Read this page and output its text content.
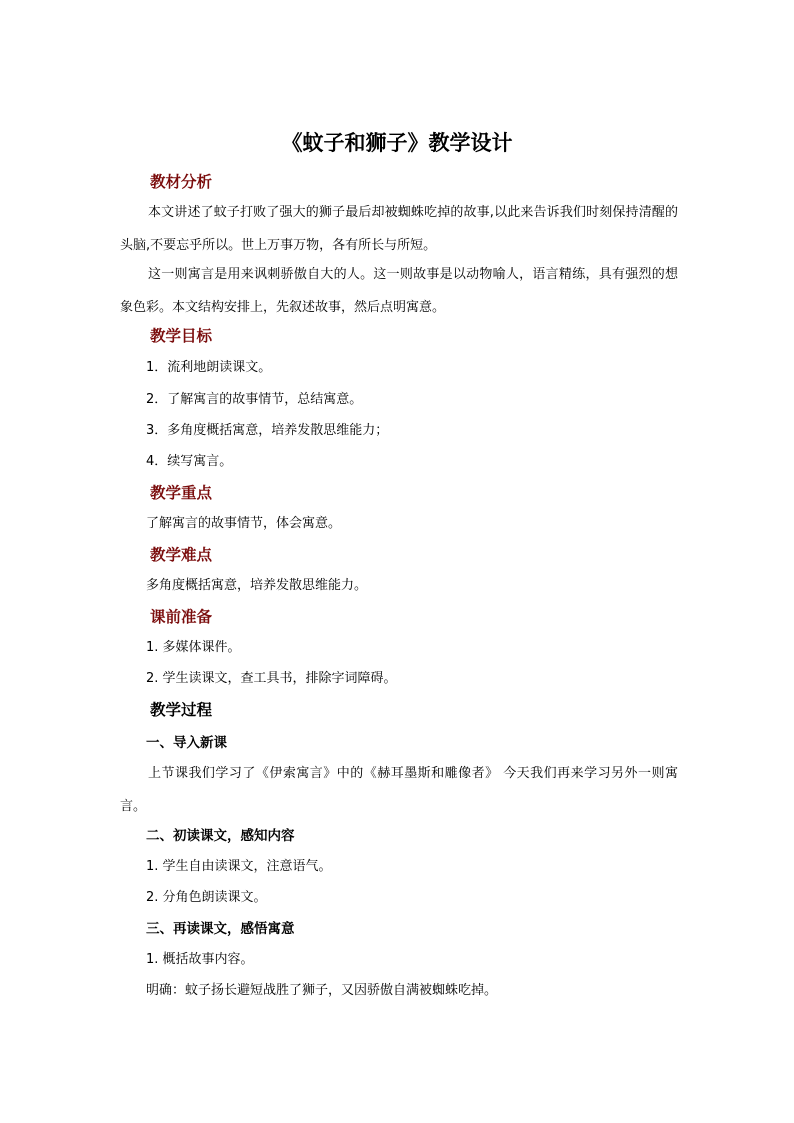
《蚊子和狮子》教学设计
教材分析

本文讲述了蚊子打败了强大的狮子最后却被蜘蛛吃掉的故事,以此来告诉我们时刻保持清醒的头脑,不要忘乎所以。世上万事万物，各有所长与所短。

这一则寓言是用来讽刺骄傲自大的人。这一则故事是以动物喻人，语言精练，具有强烈的想象色彩。本文结构安排上，先叙述故事，然后点明寓意。

教学目标

1．流利地朗读课文。

2．了解寓言的故事情节，总结寓意。

3．多角度概括寓意，培养发散思维能力；

4．续写寓言。

教学重点

了解寓言的故事情节，体会寓意。

教学难点

多角度概括寓意，培养发散思维能力。

课前准备

1. 多媒体课件。

2. 学生读课文，查工具书，排除字词障碍。

教学过程
一、导入新课

上节课我们学习了《伊索寓言》中的《赫耳墨斯和雕像者》 今天我们再来学习另外一则寓言。

二、初读课文，感知内容

1. 学生自由读课文，注意语气。

2. 分角色朗读课文。

三、再读课文，感悟寓意

1. 概括故事内容。

明确：蚊子扬长避短战胜了狮子，又因骄傲自满被蜘蛛吃掉。
